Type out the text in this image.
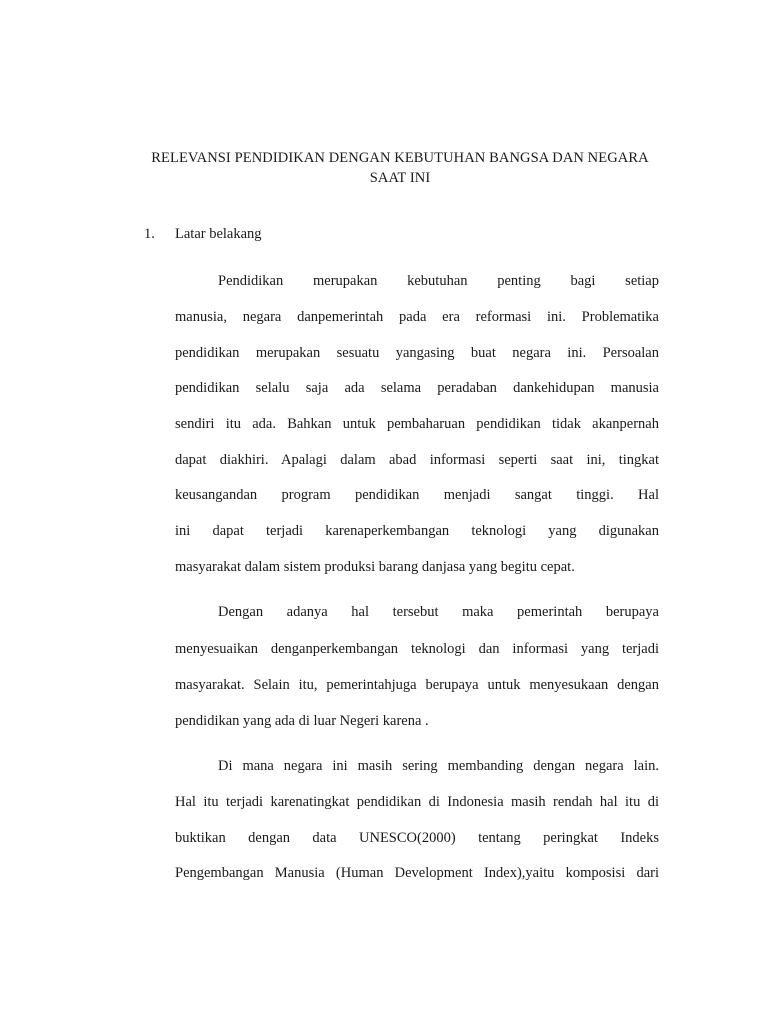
RELEVANSI PENDIDIKAN DENGAN KEBUTUHAN BANGSA DAN NEGARA
SAAT INI
1. Latar belakang
Pendidikan merupakan kebutuhan penting bagi setiap
manusia, negara danpemerintah pada era reformasi ini. Problematika
pendidikan merupakan sesuatu yangasing buat negara ini. Persoalan
pendidikan selalu saja ada selama peradaban dankehidupan manusia
sendiri itu ada. Bahkan untuk pembaharuan pendidikan tidak akanpernah
dapat diakhiri. Apalagi dalam abad informasi seperti saat ini, tingkat
keusangandan program pendidikan menjadi sangat tinggi. Hal
ini dapat terjadi karenaperkembangan teknologi yang digunakan
masyarakat dalam sistem produksi barang danjasa yang begitu cepat.
Dengan adanya hal tersebut maka pemerintah berupaya
menyesuaikan denganperkembangan teknologi dan informasi yang terjadi
masyarakat. Selain itu, pemerintahjuga berupaya untuk menyesukaan dengan
pendidikan yang ada di luar Negeri karena .
Di mana negara ini masih sering membanding dengan negara lain.
Hal itu terjadi karenatingkat pendidikan di Indonesia masih rendah hal itu di
buktikan dengan data UNESCO(2000) tentang peringkat Indeks
Pengembangan Manusia (Human Development Index),yaitu komposisi dari
